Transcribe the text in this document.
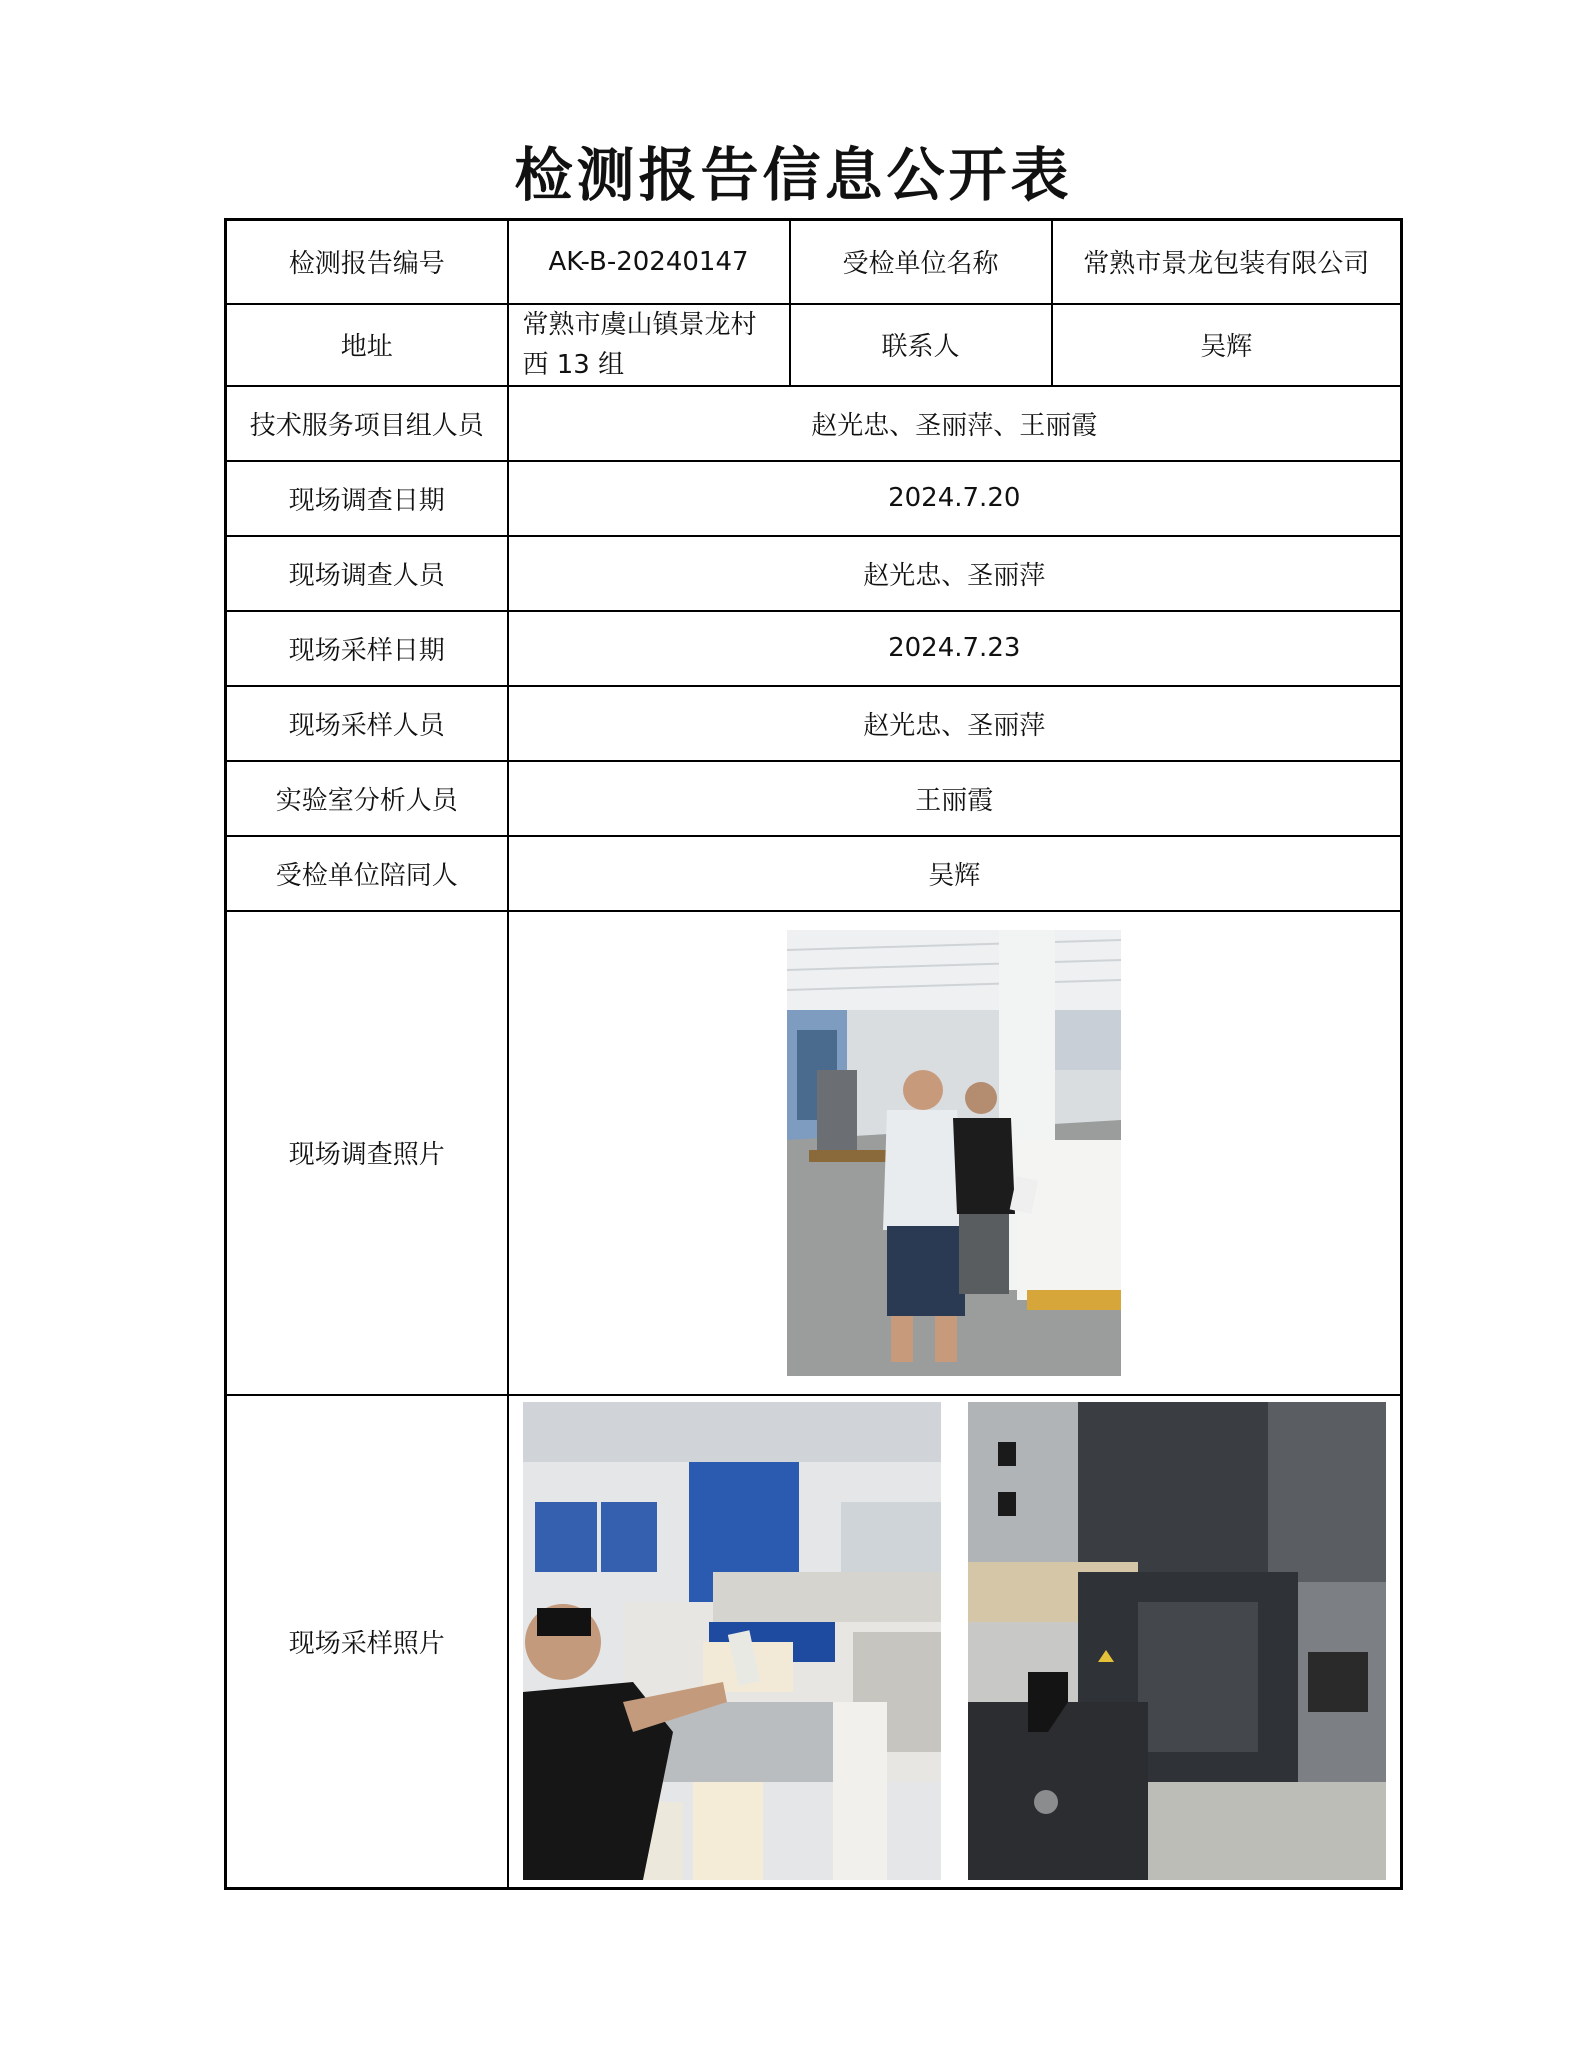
检测报告信息公开表
检测报告编号	AK-B-20240147	受检单位名称	常熟市景龙包装有限公司
地址	常熟市虞山镇景龙村西 13 组	联系人	吴辉
技术服务项目组人员	赵光忠、圣丽萍、王丽霞		
现场调查日期	2024.7.20		
现场调查人员	赵光忠、圣丽萍		
现场采样日期	2024.7.23		
现场采样人员	赵光忠、圣丽萍		
实验室分析人员	王丽霞		
受检单位陪同人	吴辉		
现场调查照片	

现场采样照片	
